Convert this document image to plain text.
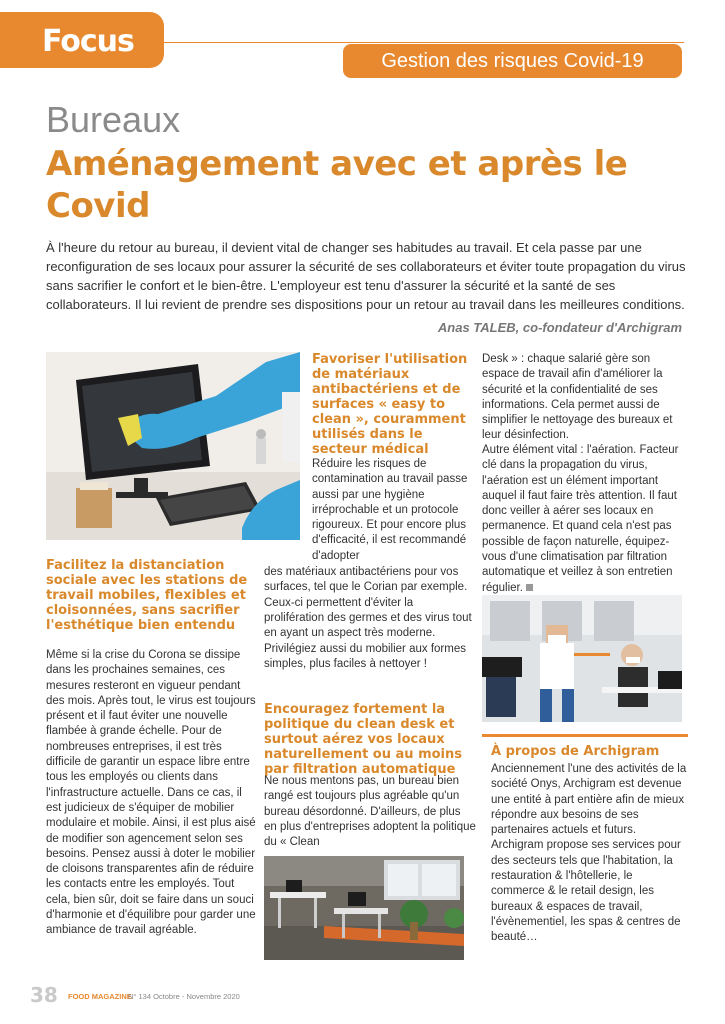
Focus
Gestion des risques Covid-19
Bureaux
Aménagement avec et après le Covid
À l'heure du retour au bureau, il devient vital de changer ses habitudes au travail. Et cela passe par une reconfiguration de ses locaux pour assurer la sécurité de ses collaborateurs et éviter toute propagation du virus sans sacrifier le confort et le bien-être. L'employeur est tenu d'assurer la sécurité et la santé de ses collaborateurs. Il lui revient de prendre ses dispositions pour un retour au travail dans les meilleures conditions.
Anas TALEB, co-fondateur d'Archigram
Facilitez la distanciation sociale avec les stations de travail mobiles, flexibles et cloisonnées, sans sacrifier l'esthétique bien entendu
Même si la crise du Corona se dissipe dans les prochaines semaines, ces mesures resteront en vigueur pendant des mois. Après tout, le virus est toujours présent et il faut éviter une nouvelle flambée à grande échelle. Pour de nombreuses entreprises, il est très difficile de garantir un espace libre entre tous les employés ou clients dans l'infrastructure actuelle. Dans ce cas, il est judicieux de s'équiper de mobilier modulaire et mobile. Ainsi, il est plus aisé de modifier son agencement selon ses besoins. Pensez aussi à doter le mobilier de cloisons transparentes afin de réduire les contacts entre les employés. Tout cela, bien sûr, doit se faire dans un souci d'harmonie et d'équilibre pour garder une ambiance de travail agréable.
Favoriser l'utilisation de matériaux antibactériens et de surfaces « easy to clean », couramment utilisés dans le secteur médical
Réduire les risques de contamination au travail passe aussi par une hygiène irréprochable et un protocole rigoureux. Et pour encore plus d'efficacité, il est recommandé d'adopter
des matériaux antibactériens pour vos surfaces, tel que le Corian par exemple. Ceux-ci permettent d'éviter la prolifération des germes et des virus tout en ayant un aspect très moderne.
Privilégiez aussi du mobilier aux formes simples, plus faciles à nettoyer !
Encouragez fortement la politique du clean desk et surtout aérez vos locaux naturellement ou au moins par filtration automatique
Ne nous mentons pas, un bureau bien rangé est toujours plus agréable qu'un bureau désordonné. D'ailleurs, de plus en plus d'entreprises adoptent la politique du « Clean
Desk » : chaque salarié gère son espace de travail afin d'améliorer la sécurité et la confidentialité de ses informations. Cela permet aussi de simplifier le nettoyage des bureaux et leur désinfection.
Autre élément vital : l'aération. Facteur clé dans la propagation du virus, l'aération est un élément important auquel il faut faire très attention. Il faut donc veiller à aérer ses locaux en permanence. Et quand cela n'est pas possible de façon naturelle, équipez-vous d'une climatisation par filtration automatique et veillez à son entretien régulier.
À propos de Archigram
Anciennement l'une des activités de la société Onys, Archigram est devenue une entité à part entière afin de mieux répondre aux besoins de ses partenaires actuels et futurs. Archigram propose ses services pour des secteurs tels que l'habitation, la restauration & l'hôtellerie, le commerce & le retail design, les bureaux & espaces de travail, l'évènementiel, les spas & centres de beauté…
38 FOOD MAGAZINE
N° 134 Octobre - Novembre 2020
